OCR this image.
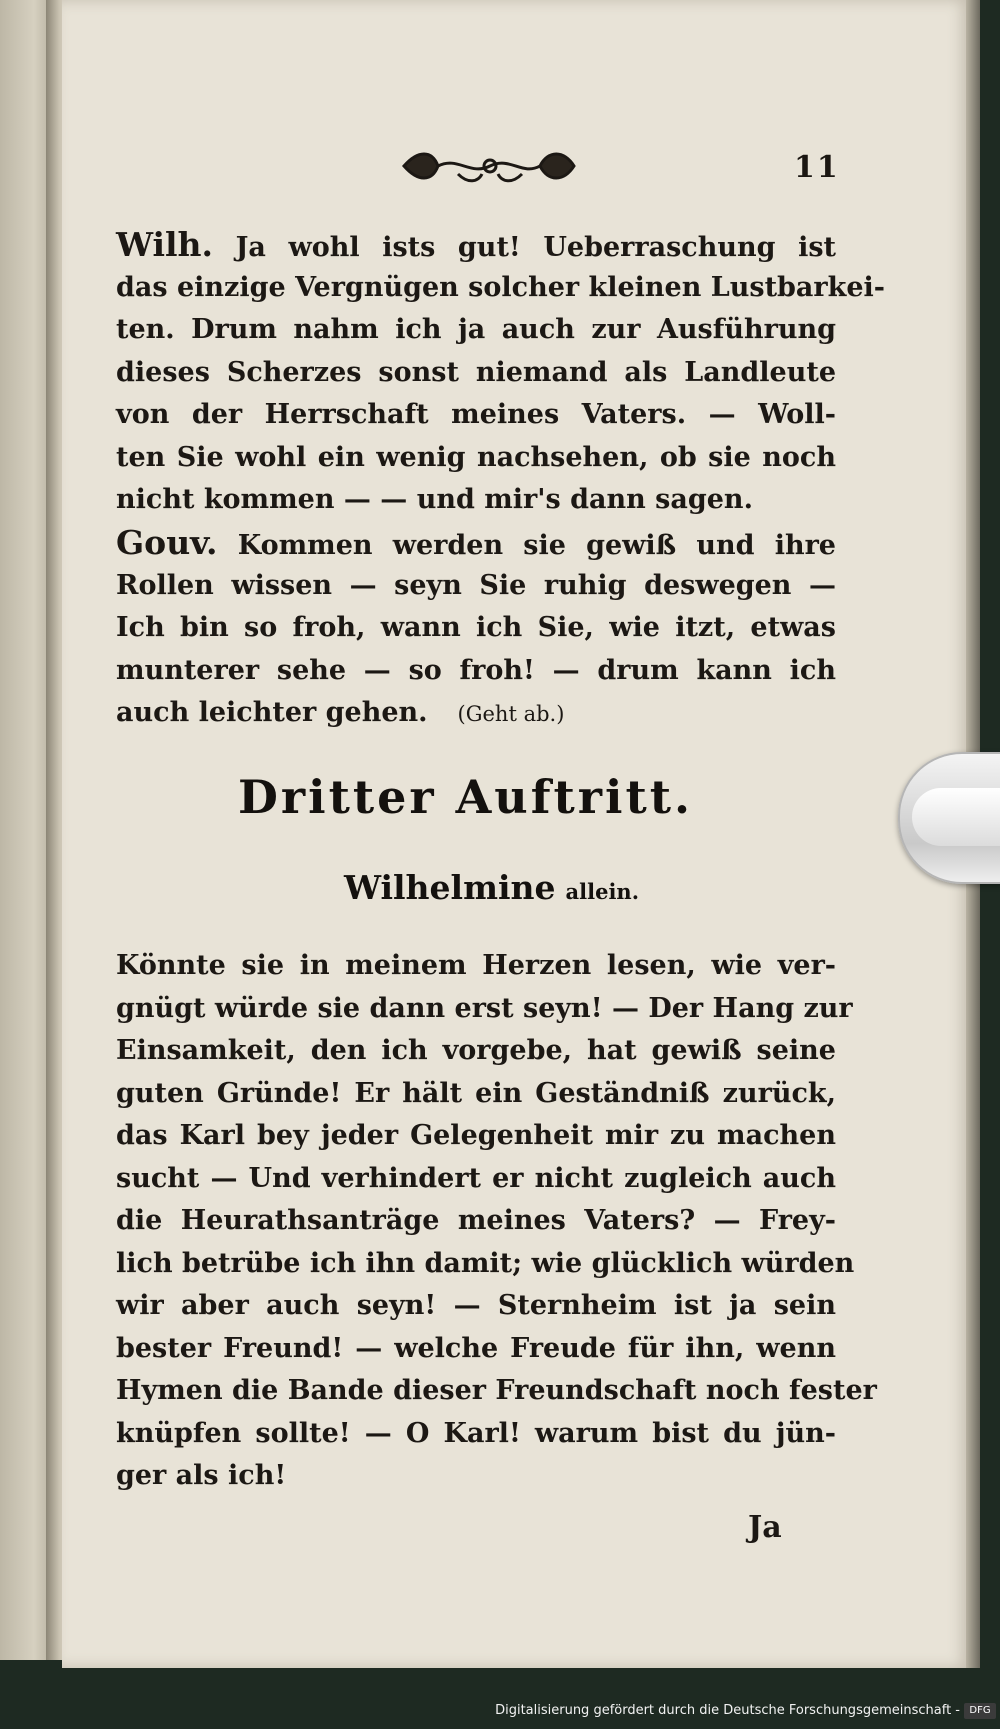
11
Wilh. Ja wohl ists gut! Ueberraschung ist
das einzige Vergnügen solcher kleinen Lustbarkei-
ten. Drum nahm ich ja auch zur Ausführung
dieses Scherzes sonst niemand als Landleute
von der Herrschaft meines Vaters. — Woll-
ten Sie wohl ein wenig nachsehen, ob sie noch
nicht kommen — — und mir's dann sagen.
Gouv. Kommen werden sie gewiß und ihre
Rollen wissen — seyn Sie ruhig deswegen —
Ich bin so froh, wann ich Sie, wie itzt, etwas
munterer sehe — so froh! — drum kann ich
auch leichter gehen. (Geht ab.)
Dritter Auftritt.
Wilhelmine allein.
Könnte sie in meinem Herzen lesen, wie ver-
gnügt würde sie dann erst seyn! — Der Hang zur
Einsamkeit, den ich vorgebe, hat gewiß seine
guten Gründe! Er hält ein Geständniß zurück,
das Karl bey jeder Gelegenheit mir zu machen
sucht — Und verhindert er nicht zugleich auch
die Heurathsanträge meines Vaters? — Frey-
lich betrübe ich ihn damit; wie glücklich würden
wir aber auch seyn! — Sternheim ist ja sein
bester Freund! — welche Freude für ihn, wenn
Hymen die Bande dieser Freundschaft noch fester
knüpfen sollte! — O Karl! warum bist du jün-
ger als ich!
Ja
Digitalisierung gefördert durch die Deutsche Forschungsgemeinschaft - DFG
